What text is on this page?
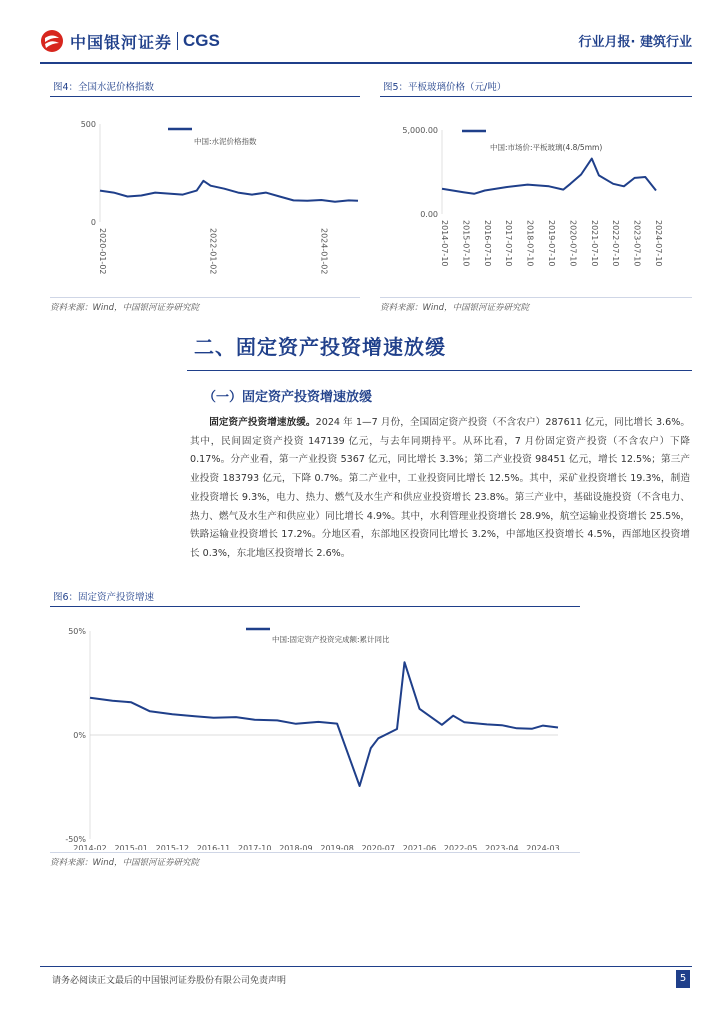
中国银河证券 CGS	行业月报· 建筑行业
图4：全国水泥价格指数
0
500
2020-01-02	2022-01-02	2024-01-02
中国:水泥价格指数
资料来源：Wind，中国银河证券研究院
图5：平板玻璃价格（元/吨）
0.00
5,000.00
2014-07-10 2015-07-10 2016-07-10 2017-07-10 2018-07-10 2019-07-10 2020-07-10 2021-07-10 2022-07-10 2023-07-10 2024-07-10
中国:市场价:平板玻璃(4.8/5mm)
资料来源：Wind，中国银河证券研究院
二、固定资产投资增速放缓
（一）固定资产投资增速放缓
固定资产投资增速放缓。2024 年 1—7 月份，全国固定资产投资（不含农户）287611 亿元，同比增长 3.6%。其中，民间固定资产投资 147139 亿元，与去年同期持平。从环比看，7 月份固定资产投资（不含农户）下降 0.17%。分产业看，第一产业投资 5367 亿元，同比增长 3.3%；第二产业投资 98451 亿元，增长 12.5%；第三产业投资 183793 亿元，下降 0.7%。第二产业中，工业投资同比增长 12.5%。其中，采矿业投资增长 19.3%，制造业投资增长 9.3%，电力、热力、燃气及水生产和供应业投资增长 23.8%。第三产业中，基础设施投资（不含电力、热力、燃气及水生产和供应业）同比增长 4.9%。其中，水利管理业投资增长 28.9%，航空运输业投资增长 25.5%，铁路运输业投资增长 17.2%。分地区看，东部地区投资同比增长 3.2%，中部地区投资增长 4.5%，西部地区投资增长 0.3%，东北地区投资增长 2.6%。
图6：固定资产投资增速
-50%
0%
50%
2014-02 2015-01 2015-12 2016-11 2017-10 2018-09 2019-08 2020-07 2021-06 2022-05 2023-04 2024-03
中国:固定资产投资完成额:累计同比
资料来源：Wind，中国银河证券研究院
请务必阅读正文最后的中国银河证券股份有限公司免责声明	5
